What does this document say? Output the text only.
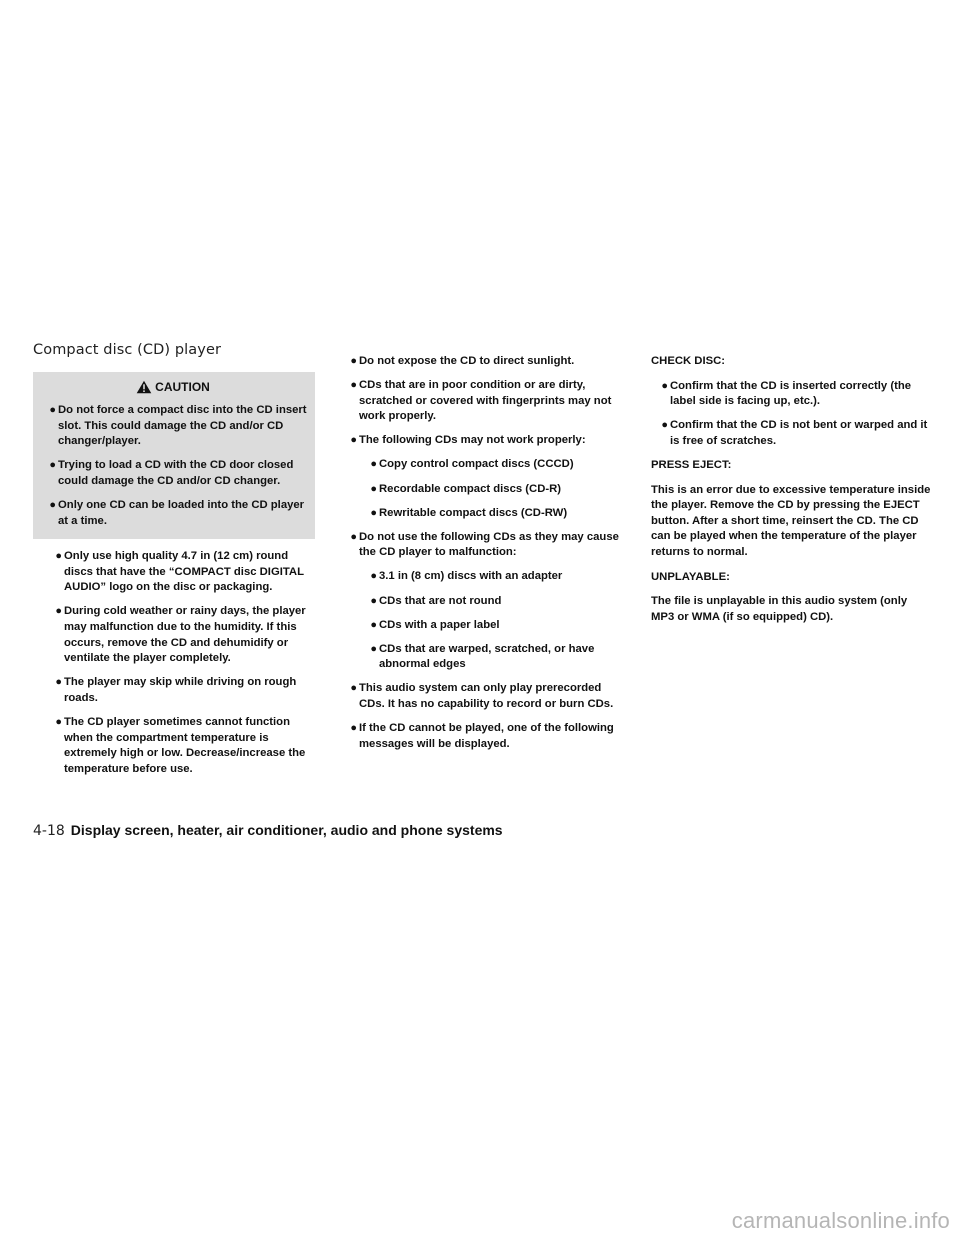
Compact disc (CD) player
CAUTION
● Do not force a compact disc into the CD insert slot. This could damage the CD and/or CD changer/player.
● Trying to load a CD with the CD door closed could damage the CD and/or CD changer.
● Only one CD can be loaded into the CD player at a time.
● Only use high quality 4.7 in (12 cm) round discs that have the “COMPACT disc DIGITAL AUDIO” logo on the disc or packaging.
● During cold weather or rainy days, the player may malfunction due to the humidity. If this occurs, remove the CD and dehumidify or ventilate the player completely.
● The player may skip while driving on rough roads.
● The CD player sometimes cannot function when the compartment temperature is extremely high or low. Decrease/increase the temperature before use.
● Do not expose the CD to direct sunlight.
● CDs that are in poor condition or are dirty, scratched or covered with fingerprints may not work properly.
● The following CDs may not work properly:
● Copy control compact discs (CCCD)
● Recordable compact discs (CD-R)
● Rewritable compact discs (CD-RW)
● Do not use the following CDs as they may cause the CD player to malfunction:
● 3.1 in (8 cm) discs with an adapter
● CDs that are not round
● CDs with a paper label
● CDs that are warped, scratched, or have abnormal edges
● This audio system can only play prerecorded CDs. It has no capability to record or burn CDs.
● If the CD cannot be played, one of the following messages will be displayed.
CHECK DISC:
● Confirm that the CD is inserted correctly (the label side is facing up, etc.).
● Confirm that the CD is not bent or warped and it is free of scratches.
PRESS EJECT:
This is an error due to excessive temperature inside the player. Remove the CD by pressing the EJECT button. After a short time, reinsert the CD. The CD can be played when the temperature of the player returns to normal.
UNPLAYABLE:
The file is unplayable in this audio system (only MP3 or WMA (if so equipped) CD).
4-18 Display screen, heater, air conditioner, audio and phone systems
carmanualsonline.info
